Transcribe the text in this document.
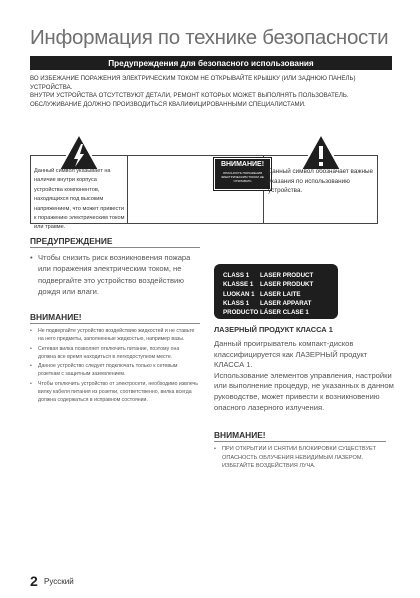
Информация по технике безопасности
Предупреждения для безопасного использования

ВО ИЗБЕЖАНИЕ ПОРАЖЕНИЯ ЭЛЕКТРИЧЕСКИМ ТОКОМ НЕ ОТКРЫВАЙТЕ КРЫШКУ (ИЛИ ЗАДНЮЮ ПАНЕЛЬ) УСТРОЙСТВА.

ВНУТРИ УСТРОЙСТВА ОТСУТСТВУЮТ ДЕТАЛИ, РЕМОНТ КОТОРЫХ МОЖЕТ ВЫПОЛНЯТЬ ПОЛЬЗОВАТЕЛЬ. ОБСЛУЖИВАНИЕ ДОЛЖНО ПРОИЗВОДИТЬСЯ КВАЛИФИЦИРОВАННЫМИ СПЕЦИАЛИСТАМИ.

Данный символ указывает на наличие внутри корпуса устройства компонентов, находящихся под высоким напряжением, что может привести к поражению электрическим током или травме.
ВНИМАНИЕ!
ОПАСНОСТЬ ПОРАЖЕНИЯ ЭЛЕКТРИЧЕСКИМ ТОКОМ НЕ ОТКРЫВАТЬ
Данный символ обозначает важные указания по использованию устройства.
ПРЕДУПРЕЖДЕНИЕ
• Чтобы снизить риск возникновения пожара или поражения электрическим током, не подвергайте это устройство воздействию дождя или влаги.
ВНИМАНИЕ!
• Не подвергайте устройство воздействию жидкостей и не ставьте на него предметы, заполненные жидкостью, например вазы.
• Сетевая вилка позволяет отключить питание, поэтому она должна все время находиться в легкодоступном месте.
• Данное устройство следует подключать только к сетевым розеткам с защитным заземлением.
• Чтобы отключить устройство от электросети, необходимо извлечь вилку кабеля питания из розетки, соответственно, вилка всегда должна содержаться в исправном состоянии.
CLASS 1	LASER PRODUCT
KLASSE 1	LASER PRODUKT
LUOKAN 1 LASER LAITE
KLASS 1	LASER APPARAT
PRODUCTO LÁSER CLASE 1
ЛАЗЕРНЫЙ ПРОДУКТ КЛАССА 1

Данный проигрыватель компакт-дисков классифицируется как ЛАЗЕРНЫЙ продукт КЛАССА 1.

Использование элементов управления, настройки или выполнение процедур, не указанных в данном руководстве, может привести к возникновению опасного лазерного излучения.

ВНИМАНИЕ!
• ПРИ ОТКРЫТИИ И СНЯТИИ БЛОКИРОВКИ СУЩЕСТВУЕТ ОПАСНОСТЬ ОБЛУЧЕНИЯ НЕВИДИМЫМ ЛАЗЕРОМ. ИЗБЕГАЙТЕ ВОЗДЕЙСТВИЯ ЛУЧА.
2 Русский
